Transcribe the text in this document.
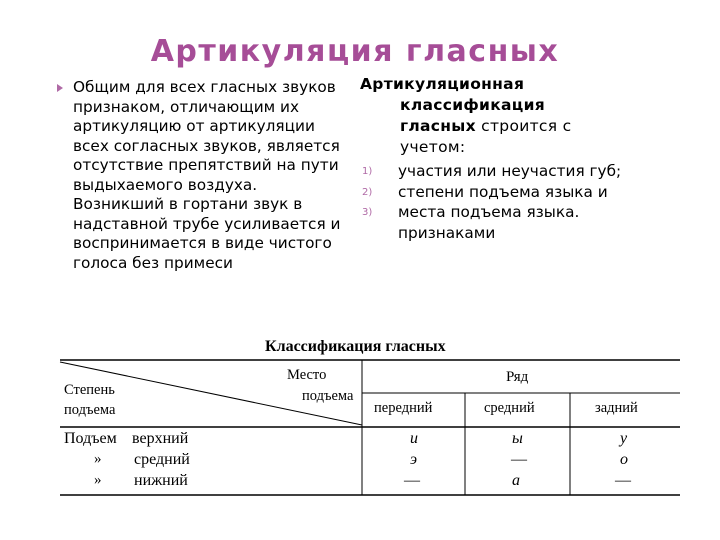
Артикуляция гласных
Общим для всех гласных звуков признаком, отличающим их артикуляцию от артикуляции всех согласных звуков, является отсутствие препятствий на пути выдыхаемого воздуха. Возникший в гортани звук в надставной трубе усиливается и воспринимается в виде чистого голоса без примеси
Артикуляционная
классификация
гласных строится с
учетом:
1) участия или неучастия губ;
2) степени подъема языка и
3) места подъема языка.
признаками
Классификация гласных
Степень
подъема
Место
подъема
Ряд
передний	средний	задний
Подъем верхний	и	ы	у
» средний	э	—	о
» нижний	—	а	—
